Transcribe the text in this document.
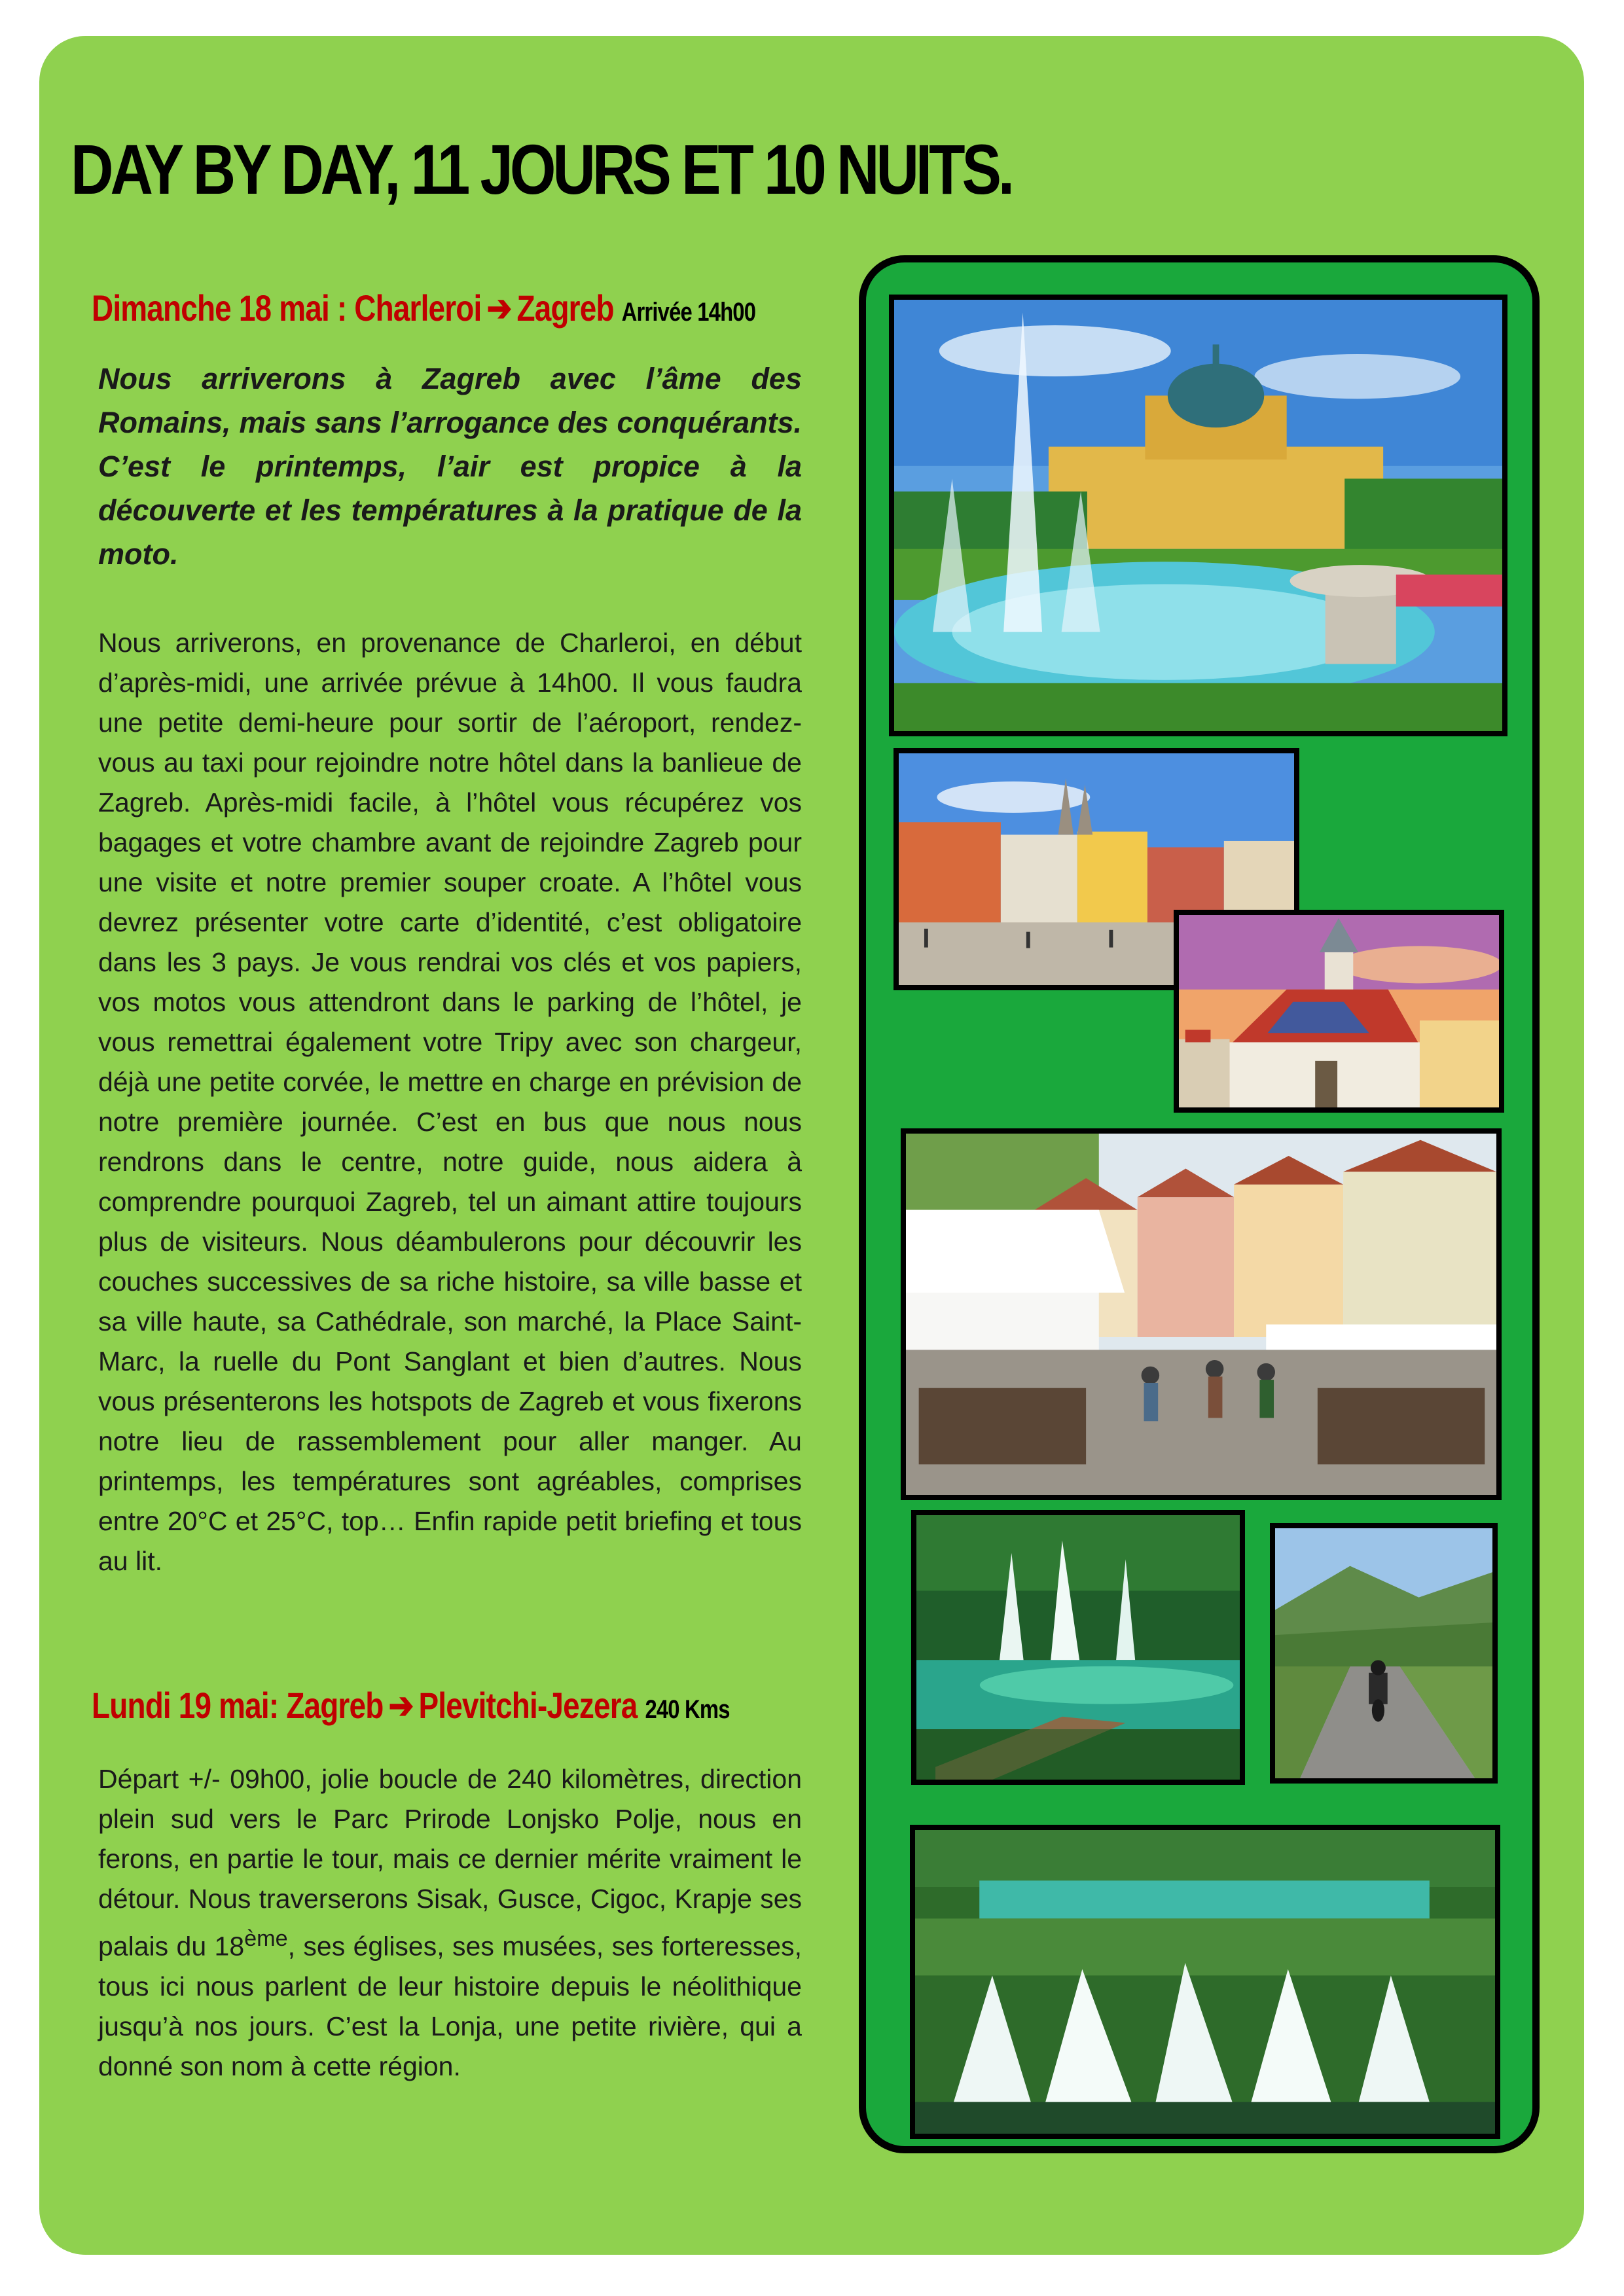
DAY BY DAY, 11 JOURS ET 10 NUITS.
Dimanche 18 mai : Charleroi ➔ Zagreb Arrivée 14h00

Nous arriverons à Zagreb avec l’âme des Romains, mais sans l’arrogance des conquérants. C’est le printemps, l’air est propice à la découverte et les températures à la pratique de la moto.

Nous arriverons, en provenance de Charleroi, en début d’après-midi, une arrivée prévue à 14h00. Il vous faudra une petite demi-heure pour sortir de l’aéroport, rendez-vous au taxi pour rejoindre notre hôtel dans la banlieue de Zagreb. Après-midi facile, à l’hôtel vous récupérez vos bagages et votre chambre avant de rejoindre Zagreb pour une visite et notre premier souper croate. A l’hôtel vous devrez présenter votre carte d’identité, c’est obligatoire dans les 3 pays. Je vous rendrai vos clés et vos papiers, vos motos vous attendront dans le parking de l’hôtel, je vous remettrai également votre Tripy avec son chargeur, déjà une petite corvée, le mettre en charge en prévision de notre première journée. C’est en bus que nous nous rendrons dans le centre, notre guide, nous aidera à comprendre pourquoi Zagreb, tel un aimant attire toujours plus de visiteurs. Nous déambulerons pour découvrir les couches successives de sa riche histoire, sa ville basse et sa ville haute, sa Cathédrale, son marché, la Place Saint-Marc, la ruelle du Pont Sanglant et bien d’autres. Nous vous présenterons les hotspots de Zagreb et vous fixerons notre lieu de rassemblement pour aller manger. Au printemps, les températures sont agréables, comprises entre 20°C et 25°C, top… Enfin rapide petit briefing et tous au lit.

Lundi 19 mai: Zagreb ➔ Plevitchi-Jezera 240 Kms

Départ +/- 09h00, jolie boucle de 240 kilomètres, direction plein sud vers le Parc Prirode Lonjsko Polje, nous en ferons, en partie le tour, mais ce dernier mérite vraiment le détour. Nous traverserons Sisak, Gusce, Cigoc, Krapje ses palais du 18ème, ses églises, ses musées, ses forteresses, tous ici nous parlent de leur histoire depuis le néolithique jusqu’à nos jours. C’est la Lonja, une petite rivière, qui a donné son nom à cette région.
